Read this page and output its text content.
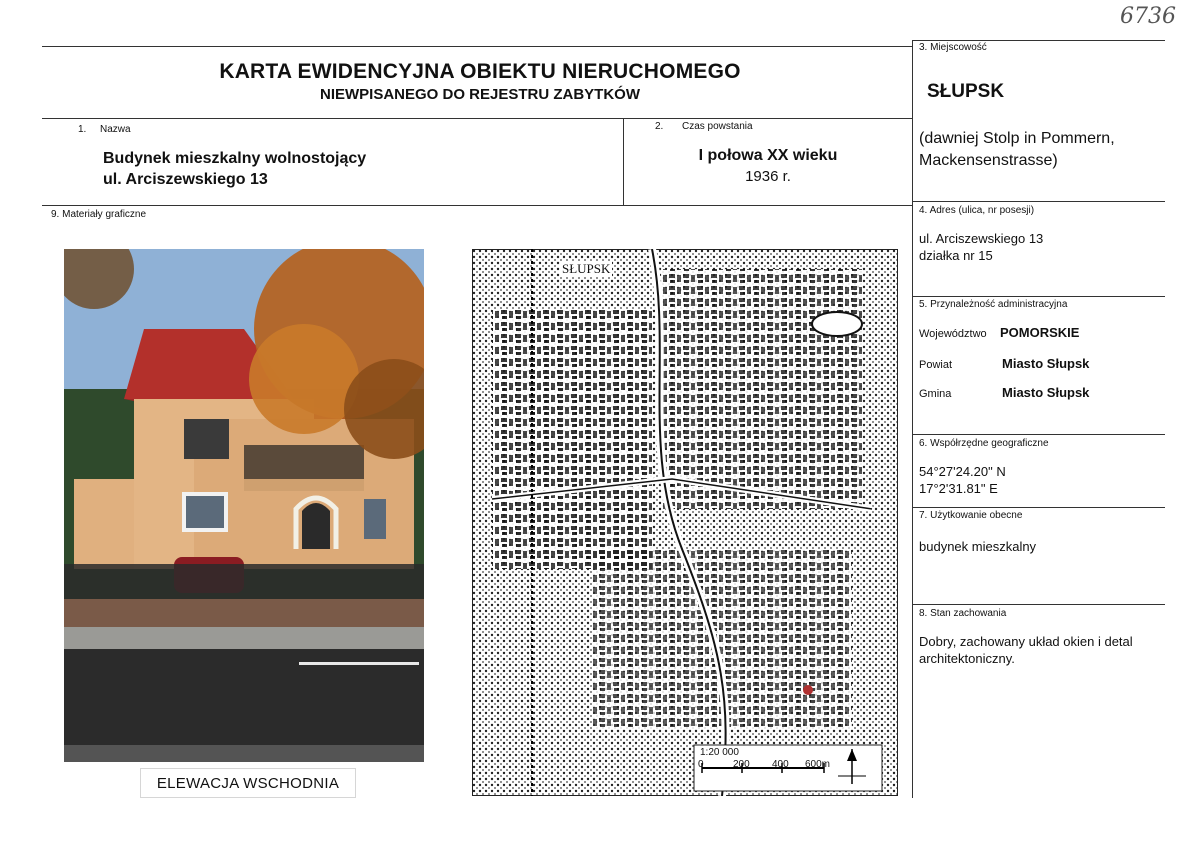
6736
KARTA EWIDENCYJNA OBIEKTU NIERUCHOMEGO
NIEWPISANEGO DO REJESTRU ZABYTKÓW
1. Nazwa
Budynek mieszkalny wolnostojący
ul. Arciszewskiego 13
2. Czas powstania
I połowa XX wieku
1936 r.
3. Miejscowość
SŁUPSK
(dawniej Stolp in Pommern,
Mackensenstrasse)
4. Adres (ulica, nr posesji)
ul. Arciszewskiego 13
działka nr 15
5. Przynależność administracyjna
Województwo POMORSKIE
Powiat	Miasto Słupsk
Gmina	Miasto Słupsk
6. Współrzędne geograficzne
54°27'24.20" N
17°2'31.81" E
7. Użytkowanie obecne
budynek mieszkalny
8. Stan zachowania
Dobry, zachowany układ okien i detal
architektoniczny.
9. Materiały graficzne
ELEWACJA WSCHODNIA
SŁUPSK
1:20 000
0	200 400 600m
